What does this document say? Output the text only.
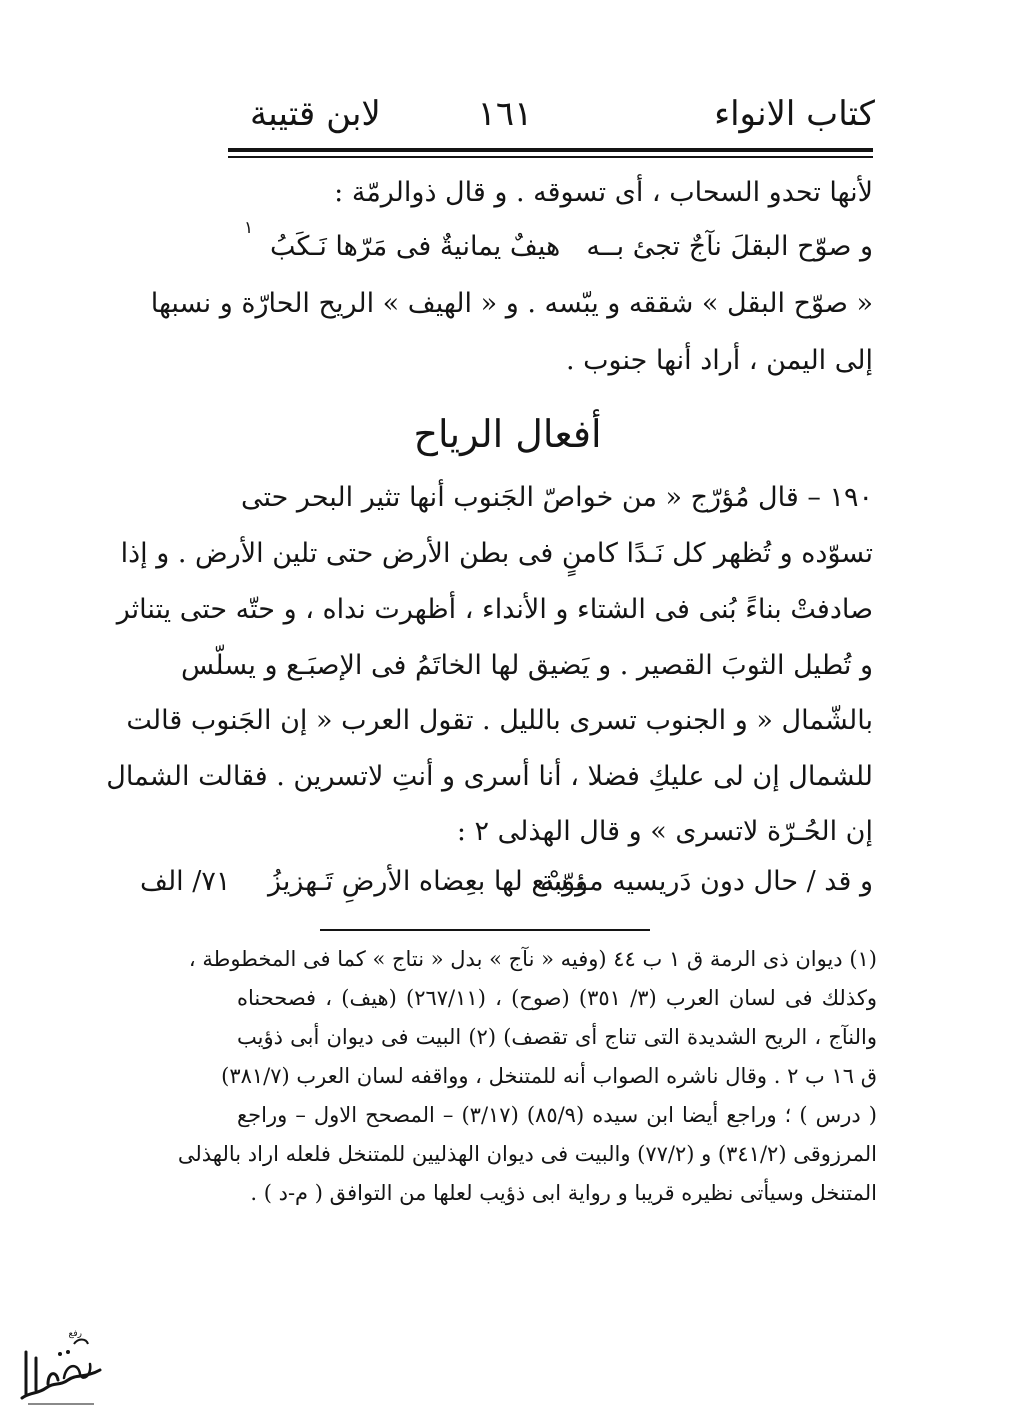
كتاب الانواء
١٦١
لابن قتيبة
لأنها تحدو السحاب ، أى تسوقه . و قال ذوالرمّة :
و صوّح البقلَ نآجٌ تجئ بــه
هيفٌ يمانيةٌ فى مَرّها نَـكَبُ
١
« صوّح البقل » شققه و يبّسه . و « الهيف » الريح الحارّة و نسبها
إلى اليمن ، أراد أنها جنوب .
أفعال الرياح
١٩٠ – قال مُؤرّج « من خواصّ الجَنوب أنها تثير البحر حتى
تسوّده و تُظهر كل نَـدًا كامنٍ فى بطن الأرض حتى تلين الأرض . و إذا
صادفتْ بناءً بُنى فى الشتاء و الأنداء ، أظهرت نداه ، و حتّه حتى يتناثر
و تُطيل الثوبَ القصير . و يَضيق لها الخاتَمُ فى الإصبَـع و يسلّس
بالشّمال « و الجنوب تسرى بالليل . تقول العرب « إن الجَنوب قالت
للشمال إن لى عليكِ فضلا ، أنا أسرى و أنتِ لاتسرين . فقالت الشمال
إن الحُـرّة لاتسرى » و قال الهذلى ٢ :
و قد / حال دون دَريسيه مؤوّبة
نِـسْع لها بعِضاه الأرضِ تَـهزيزُ
٧١/ الف
(١) ديوان ذى الرمة ق ١ ب ٤٤ (وفيه « نآج » بدل « نتاج » كما فى المخطوطة ،
وكذلك فى لسان العرب (٣/ ٣٥١) (صوح) ، (٢٦٧/١١) (هيف) ، فصححناه
والنآج ، الريح الشديدة التى تناج أى تقصف) (٢) البيت فى ديوان أبى ذؤيب
ق ١٦ ب ٢ . وقال ناشره الصواب أنه للمتنخل ، وواقفه لسان العرب (٣٨١/٧)
( درس ) ؛ وراجع أيضا ابن سيده (٨٥/٩) (٣/١٧) – المصحح الاول – وراجع
المرزوقى (٣٤١/٢) و (٧٧/٢) والبيت فى ديوان الهذليين للمتنخل فلعله اراد بالهذلى
المتنخل وسيأتى نظيره قريبا و رواية ابى ذؤيب لعلها من التوافق ( م-د ) .
رفع
